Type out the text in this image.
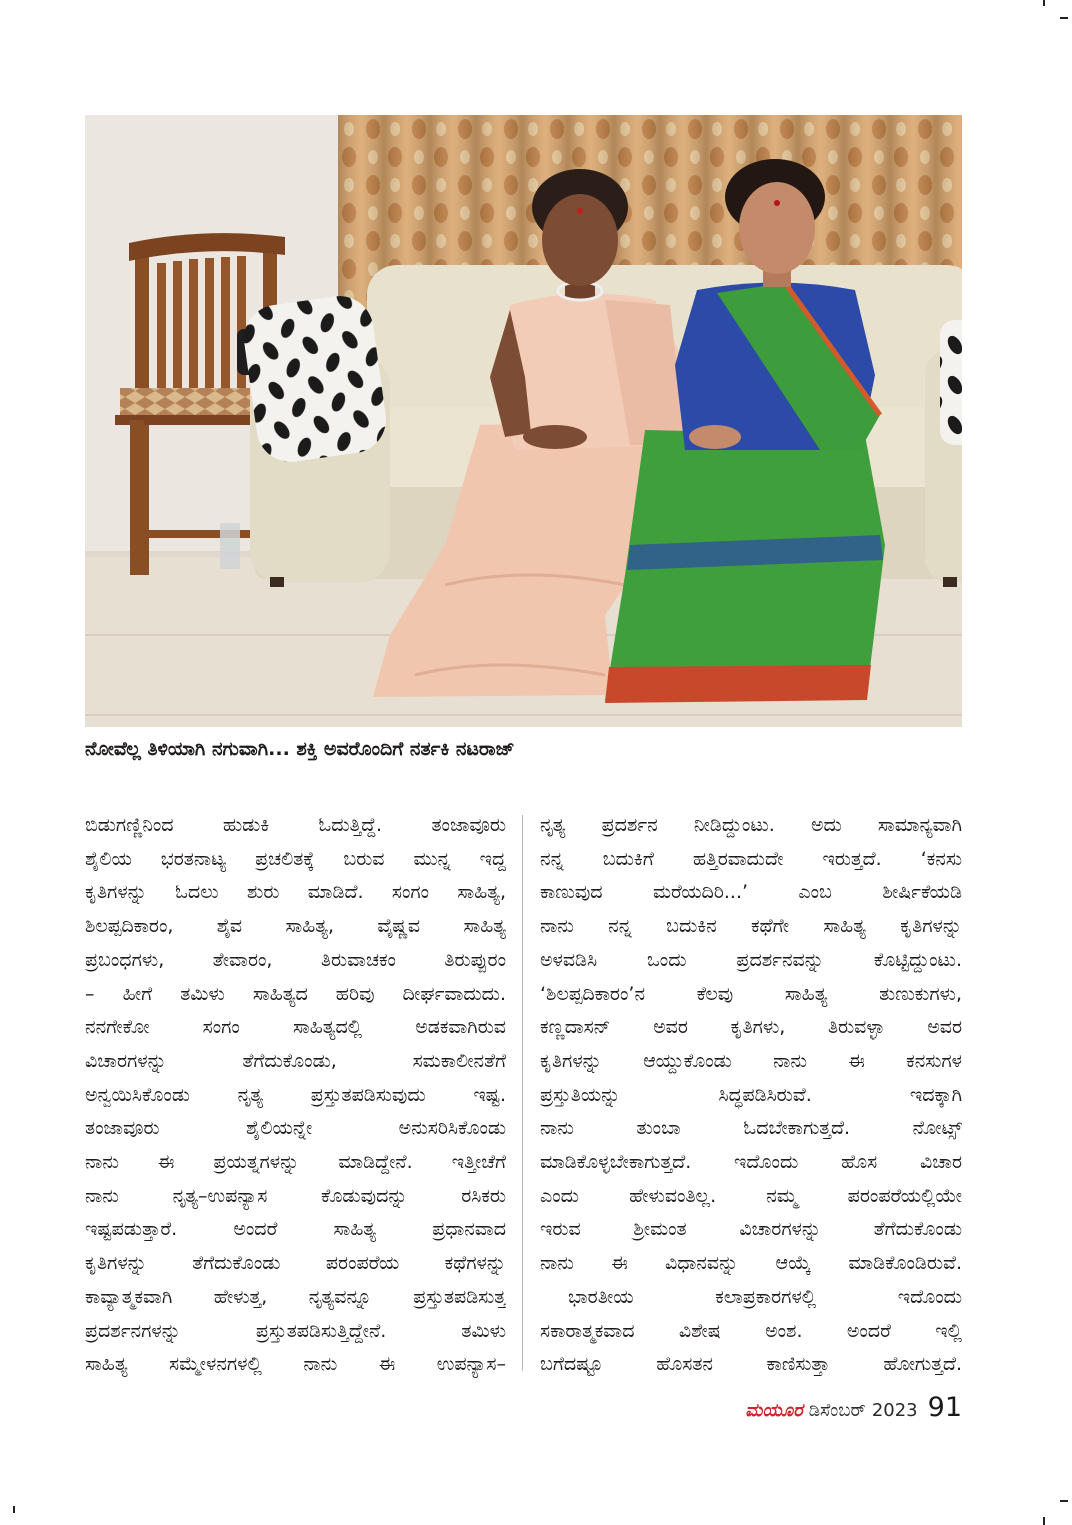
ನೋವೆಲ್ಲ ತಿಳಿಯಾಗಿ ನಗುವಾಗಿ... ಶಕ್ತಿ ಅವರೊಂದಿಗೆ ನರ್ತಕಿ ನಟರಾಜ್
ಬಿಡುಗಣ್ಣಿನಿಂದ ಹುಡುಕಿ ಓದುತ್ತಿದ್ದೆ. ತಂಜಾವೂರು
ಶೈಲಿಯ ಭರತನಾಟ್ಯ ಪ್ರಚಲಿತಕ್ಕೆ ಬರುವ ಮುನ್ನ ಇದ್ದ
ಕೃತಿಗಳನ್ನು ಓದಲು ಶುರು ಮಾಡಿದೆ. ಸಂಗಂ ಸಾಹಿತ್ಯ,
ಶಿಲಪ್ಪದಿಕಾರಂ, ಶೈವ ಸಾಹಿತ್ಯ, ವೈಷ್ಣವ ಸಾಹಿತ್ಯ
ಪ್ರಬಂಧಗಳು, ತೇವಾರಂ, ತಿರುವಾಚಕಂ ತಿರುಪ್ಪುರಂ
– ಹೀಗೆ ತಮಿಳು ಸಾಹಿತ್ಯದ ಹರಿವು ದೀರ್ಘವಾದುದು.
ನನಗೇಕೋ ಸಂಗಂ ಸಾಹಿತ್ಯದಲ್ಲಿ ಅಡಕವಾಗಿರುವ
ವಿಚಾರಗಳನ್ನು ತೆಗೆದುಕೊಂಡು, ಸಮಕಾಲೀನತೆಗೆ
ಅನ್ವಯಿಸಿಕೊಂಡು ನೃತ್ಯ ಪ್ರಸ್ತುತಪಡಿಸುವುದು ಇಷ್ಟ.
ತಂಜಾವೂರು ಶೈಲಿಯನ್ನೇ ಅನುಸರಿಸಿಕೊಂಡು
ನಾನು ಈ ಪ್ರಯತ್ನಗಳನ್ನು ಮಾಡಿದ್ದೇನೆ. ಇತ್ತೀಚೆಗೆ
ನಾನು ನೃತ್ಯ–ಉಪನ್ಯಾಸ ಕೊಡುವುದನ್ನು ರಸಿಕರು
ಇಷ್ಟಪಡುತ್ತಾರೆ. ಅಂದರೆ ಸಾಹಿತ್ಯ ಪ್ರಧಾನವಾದ
ಕೃತಿಗಳನ್ನು ತೆಗೆದುಕೊಂಡು ಪರಂಪರೆಯ ಕಥೆಗಳನ್ನು
ಕಾವ್ಯಾತ್ಮಕವಾಗಿ ಹೇಳುತ್ತ, ನೃತ್ಯವನ್ನೂ ಪ್ರಸ್ತುತಪಡಿಸುತ್ತ
ಪ್ರದರ್ಶನಗಳನ್ನು ಪ್ರಸ್ತುತಪಡಿಸುತ್ತಿದ್ದೇನೆ. ತಮಿಳು
ಸಾಹಿತ್ಯ ಸಮ್ಮೇಳನಗಳಲ್ಲಿ ನಾನು ಈ ಉಪನ್ಯಾಸ–
ನೃತ್ಯ ಪ್ರದರ್ಶನ ನೀಡಿದ್ದುಂಟು. ಅದು ಸಾಮಾನ್ಯವಾಗಿ
ನನ್ನ ಬದುಕಿಗೆ ಹತ್ತಿರವಾದುದೇ ಇರುತ್ತದೆ. ‘ಕನಸು
ಕಾಣುವುದ ಮರೆಯದಿರಿ...’ ಎಂಬ ಶೀರ್ಷಿಕೆಯಡಿ
ನಾನು ನನ್ನ ಬದುಕಿನ ಕಥೆಗೇ ಸಾಹಿತ್ಯ ಕೃತಿಗಳನ್ನು
ಅಳವಡಿಸಿ ಒಂದು ಪ್ರದರ್ಶನವನ್ನು ಕೊಟ್ಟಿದ್ದುಂಟು.
‘ಶಿಲಪ್ಪದಿಕಾರಂ’ನ ಕೆಲವು ಸಾಹಿತ್ಯ ತುಣುಕುಗಳು,
ಕಣ್ಣದಾಸನ್ ಅವರ ಕೃತಿಗಳು, ತಿರುವಳ್ಳಾ ಅವರ
ಕೃತಿಗಳನ್ನು ಆಯ್ದುಕೊಂಡು ನಾನು ಈ ಕನಸುಗಳ
ಪ್ರಸ್ತುತಿಯನ್ನು ಸಿದ್ಧಪಡಿಸಿರುವೆ. ಇದಕ್ಕಾಗಿ
ನಾನು ತುಂಬಾ ಓದಬೇಕಾಗುತ್ತದೆ. ನೋಟ್ಸ್
ಮಾಡಿಕೊಳ್ಳಬೇಕಾಗುತ್ತದೆ. ಇದೊಂದು ಹೊಸ ವಿಚಾರ
ಎಂದು ಹೇಳುವಂತಿಲ್ಲ. ನಮ್ಮ ಪರಂಪರೆಯಲ್ಲಿಯೇ
ಇರುವ ಶ್ರೀಮಂತ ವಿಚಾರಗಳನ್ನು ತೆಗೆದುಕೊಂಡು
ನಾನು ಈ ವಿಧಾನವನ್ನು ಆಯ್ಕೆ ಮಾಡಿಕೊಂಡಿರುವೆ.
ಭಾರತೀಯ ಕಲಾಪ್ರಕಾರಗಳಲ್ಲಿ ಇದೊಂದು
ಸಕಾರಾತ್ಮಕವಾದ ವಿಶೇಷ ಅಂಶ. ಅಂದರೆ ಇಲ್ಲಿ
ಬಗೆದಷ್ಟೂ ಹೊಸತನ ಕಾಣಿಸುತ್ತಾ ಹೋಗುತ್ತದೆ.
ಮಯೂರ ಡಿಸೆಂಬರ್ 2023 91
